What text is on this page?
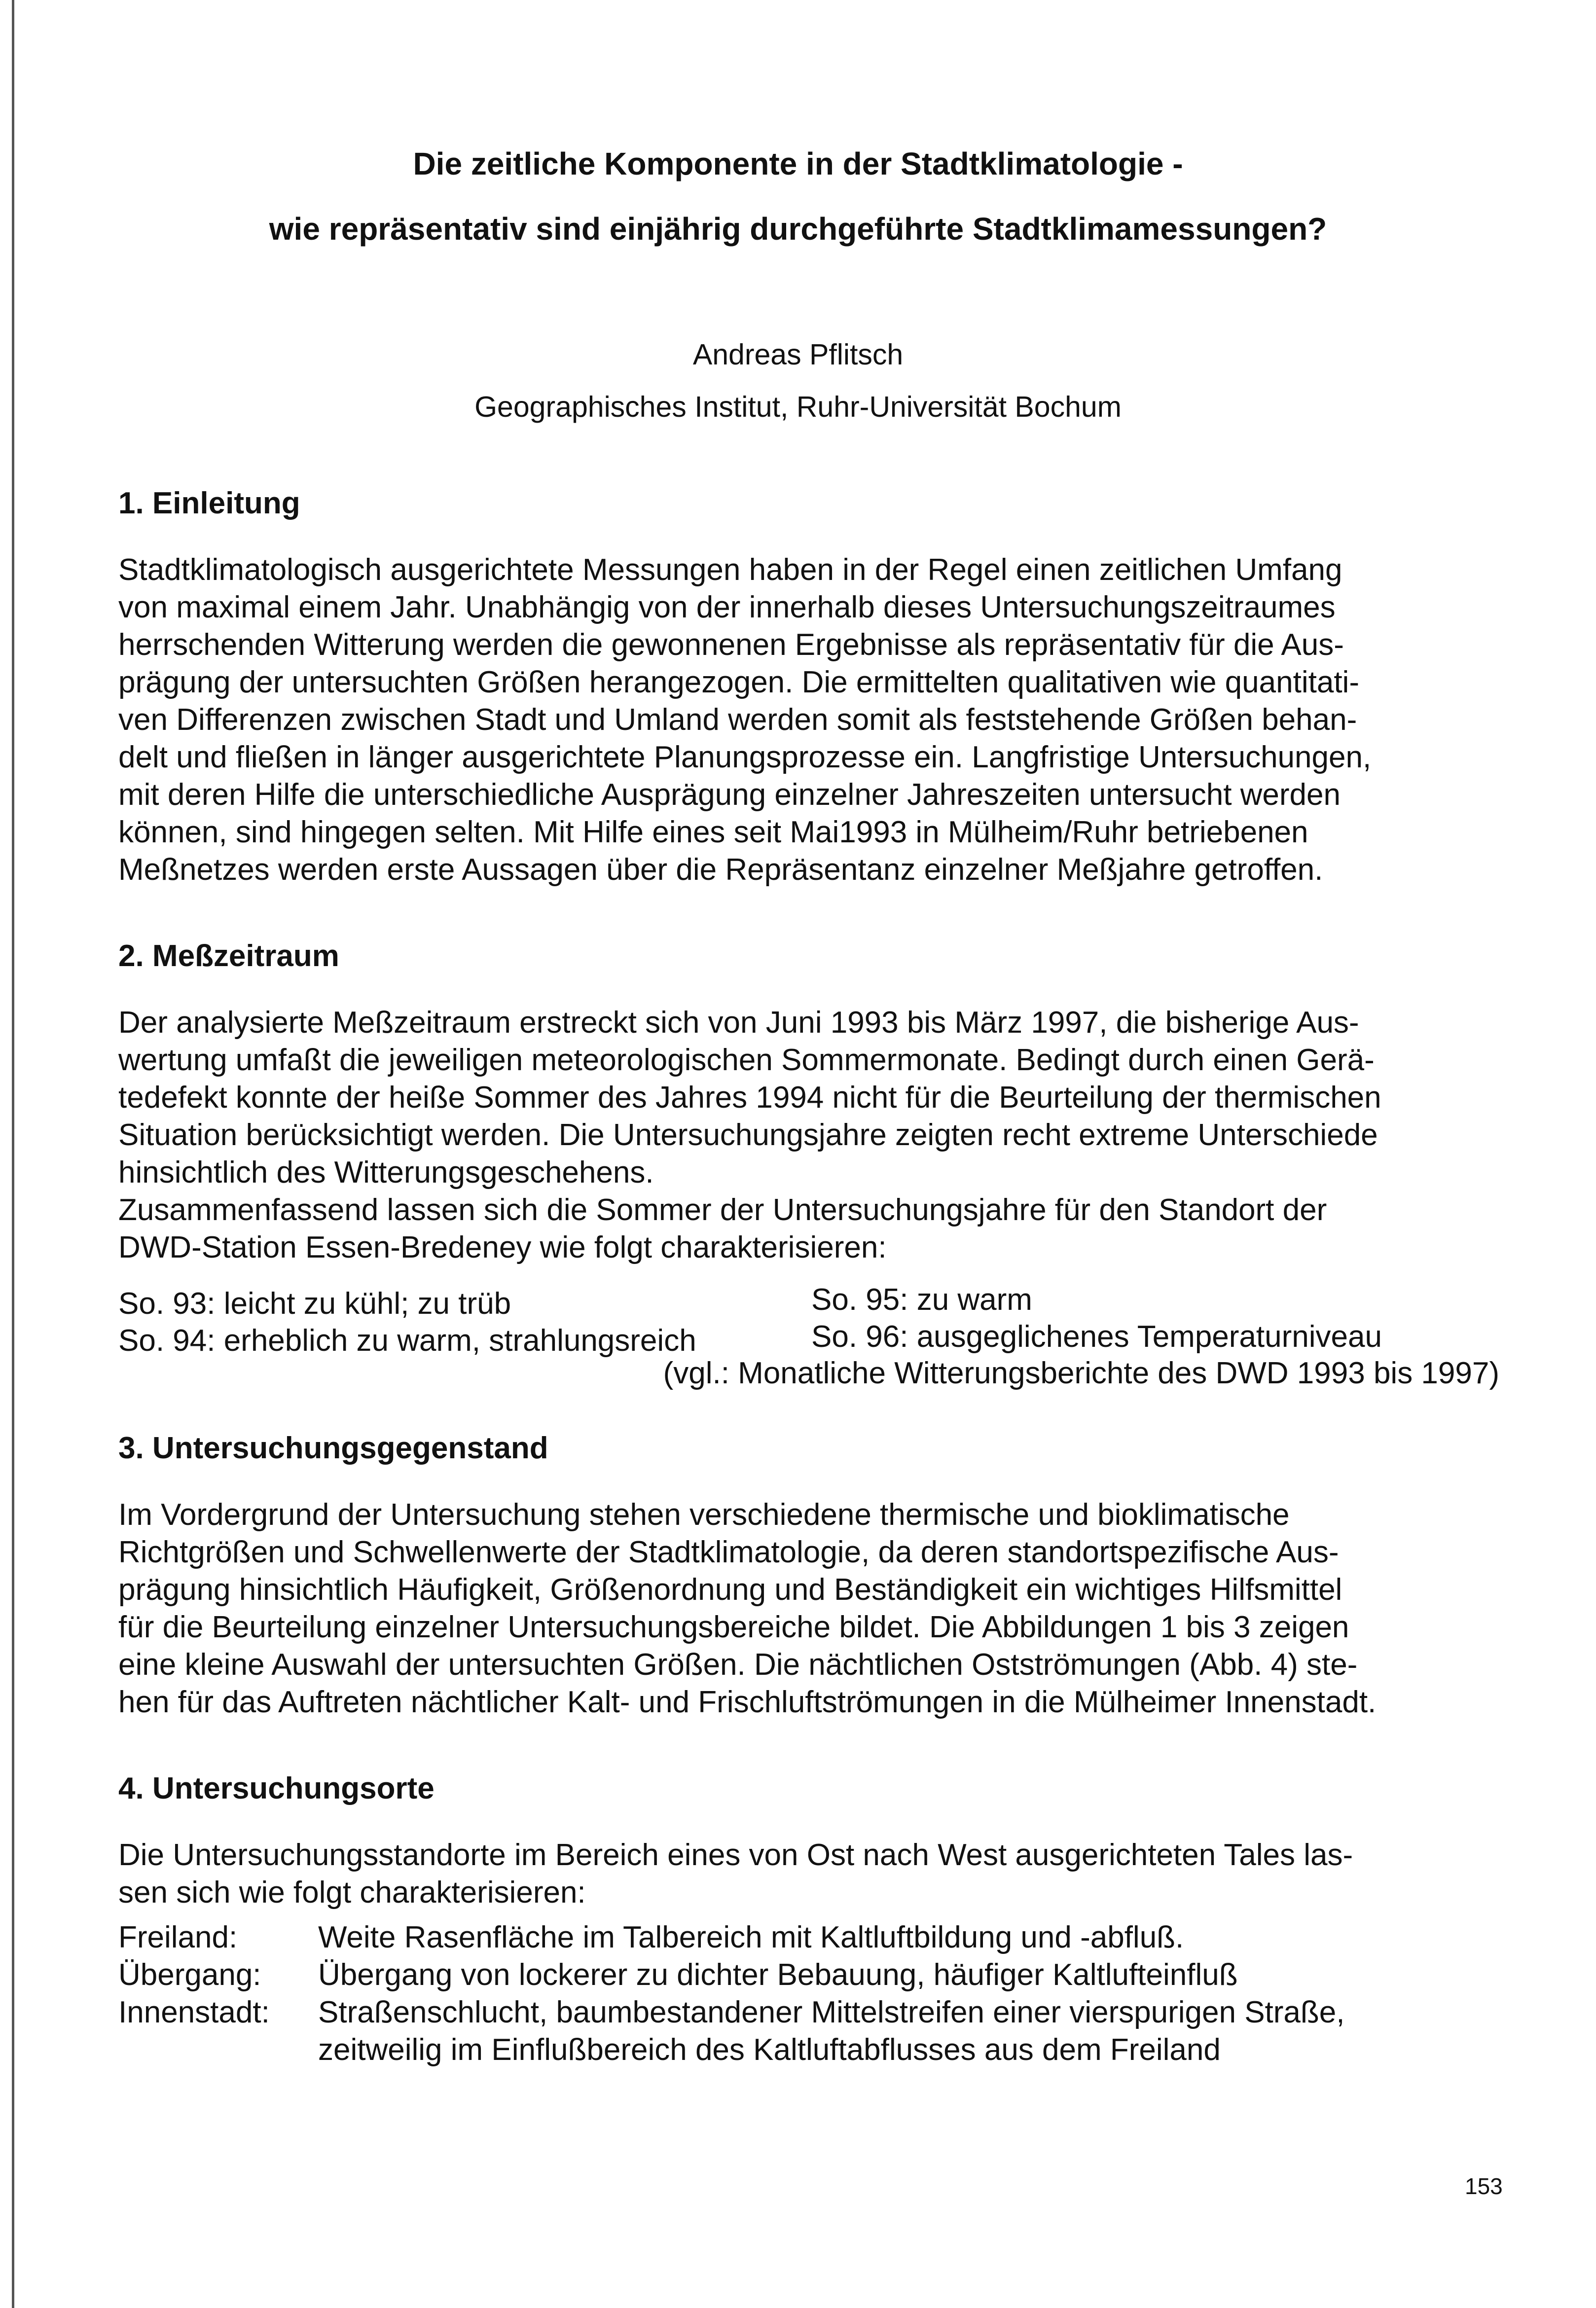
Die zeitliche Komponente in der Stadtklimatologie -
wie repräsentativ sind einjährig durchgeführte Stadtklimamessungen?
Andreas Pflitsch
Geographisches Institut, Ruhr-Universität Bochum
1. Einleitung
Stadtklimatologisch ausgerichtete Messungen haben in der Regel einen zeitlichen Umfang
von maximal einem Jahr. Unabhängig von der innerhalb dieses Untersuchungszeitraumes
herrschenden Witterung werden die gewonnenen Ergebnisse als repräsentativ für die Aus-
prägung der untersuchten Größen herangezogen. Die ermittelten qualitativen wie quantitati-
ven Differenzen zwischen Stadt und Umland werden somit als feststehende Größen behan-
delt und fließen in länger ausgerichtete Planungsprozesse ein. Langfristige Untersuchungen,
mit deren Hilfe die unterschiedliche Ausprägung einzelner Jahreszeiten untersucht werden
können, sind hingegen selten. Mit Hilfe eines seit Mai1993 in Mülheim/Ruhr betriebenen
Meßnetzes werden erste Aussagen über die Repräsentanz einzelner Meßjahre getroffen.
2. Meßzeitraum
Der analysierte Meßzeitraum erstreckt sich von Juni 1993 bis März 1997, die bisherige Aus-
wertung umfaßt die jeweiligen meteorologischen Sommermonate. Bedingt durch einen Gerä-
tedefekt konnte der heiße Sommer des Jahres 1994 nicht für die Beurteilung der thermischen
Situation berücksichtigt werden. Die Untersuchungsjahre zeigten recht extreme Unterschiede
hinsichtlich des Witterungsgeschehens.
Zusammenfassend lassen sich die Sommer der Untersuchungsjahre für den Standort der
DWD-Station Essen-Bredeney wie folgt charakterisieren:
So. 93: leicht zu kühl; zu trüb	So. 95: zu warm
So. 94: erheblich zu warm, strahlungsreich	So. 96: ausgeglichenes Temperaturniveau
(vgl.: Monatliche Witterungsberichte des DWD 1993 bis 1997)
3. Untersuchungsgegenstand
Im Vordergrund der Untersuchung stehen verschiedene thermische und bioklimatische
Richtgrößen und Schwellenwerte der Stadtklimatologie, da deren standortspezifische Aus-
prägung hinsichtlich Häufigkeit, Größenordnung und Beständigkeit ein wichtiges Hilfsmittel
für die Beurteilung einzelner Untersuchungsbereiche bildet. Die Abbildungen 1 bis 3 zeigen
eine kleine Auswahl der untersuchten Größen. Die nächtlichen Ostströmungen (Abb. 4) ste-
hen für das Auftreten nächtlicher Kalt- und Frischluftströmungen in die Mülheimer Innenstadt.
4. Untersuchungsorte
Die Untersuchungsstandorte im Bereich eines von Ost nach West ausgerichteten Tales las-
sen sich wie folgt charakterisieren:
Freiland:	Weite Rasenfläche im Talbereich mit Kaltluftbildung und -abfluß.
Übergang: Übergang von lockerer zu dichter Bebauung, häufiger Kaltlufteinfluß
Innenstadt: Straßenschlucht, baumbestandener Mittelstreifen einer vierspurigen Straße,
zeitweilig im Einflußbereich des Kaltluftabflusses aus dem Freiland
153
